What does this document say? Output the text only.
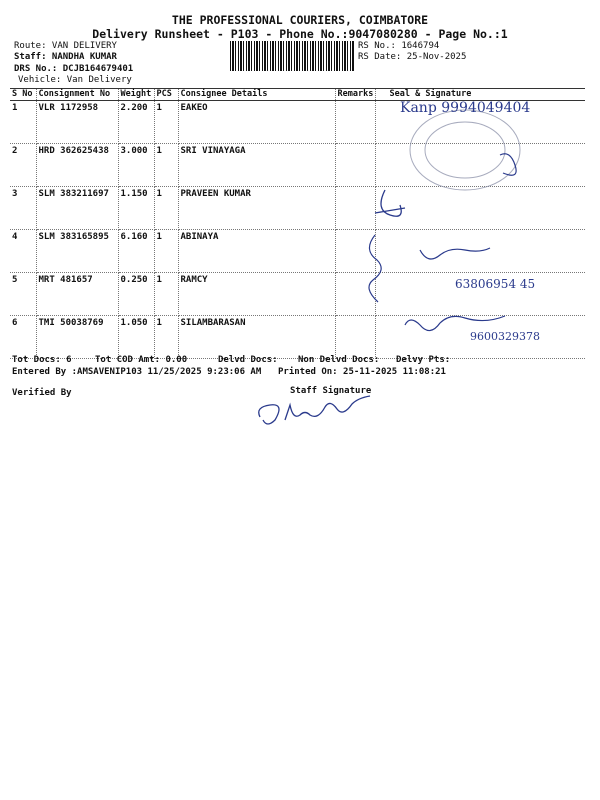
THE PROFESSIONAL COURIERS, COIMBATORE
Delivery Runsheet - P103 - Phone No.:9047080280 - Page No.:1
Route: VAN DELIVERY
Staff: NANDHA KUMAR
DRS No.: DCJB164679401
Vehicle: Van Delivery
RS No.: 1646794
RS Date: 25-Nov-2025
S No	Consignment No	Weight	PCS	Consignee Details	Remarks	Seal & Signature
1	VLR 1172958	2.200	1	EAKEO		
2	HRD 362625438	3.000	1	SRI VINAYAGA		
3	SLM 383211697	1.150	1	PRAVEEN KUMAR		
4	SLM 383165895	6.160	1	ABINAYA		
5	MRT 481657	0.250	1	RAMCY		
6	TMI 50038769	1.050	1	SILAMBARASAN		
Kanp 9994049404
63806954 45
9600329378
Tot Docs: 6	Tot COD Amt: 0.00	Delvd Docs: Non Delvd Docs: Delvy Pts:
Entered By :AMSAVENIP103 11/25/2025 9:23:06 AM Printed On: 25-11-2025 11:08:21
Verified By	Staff Signature
